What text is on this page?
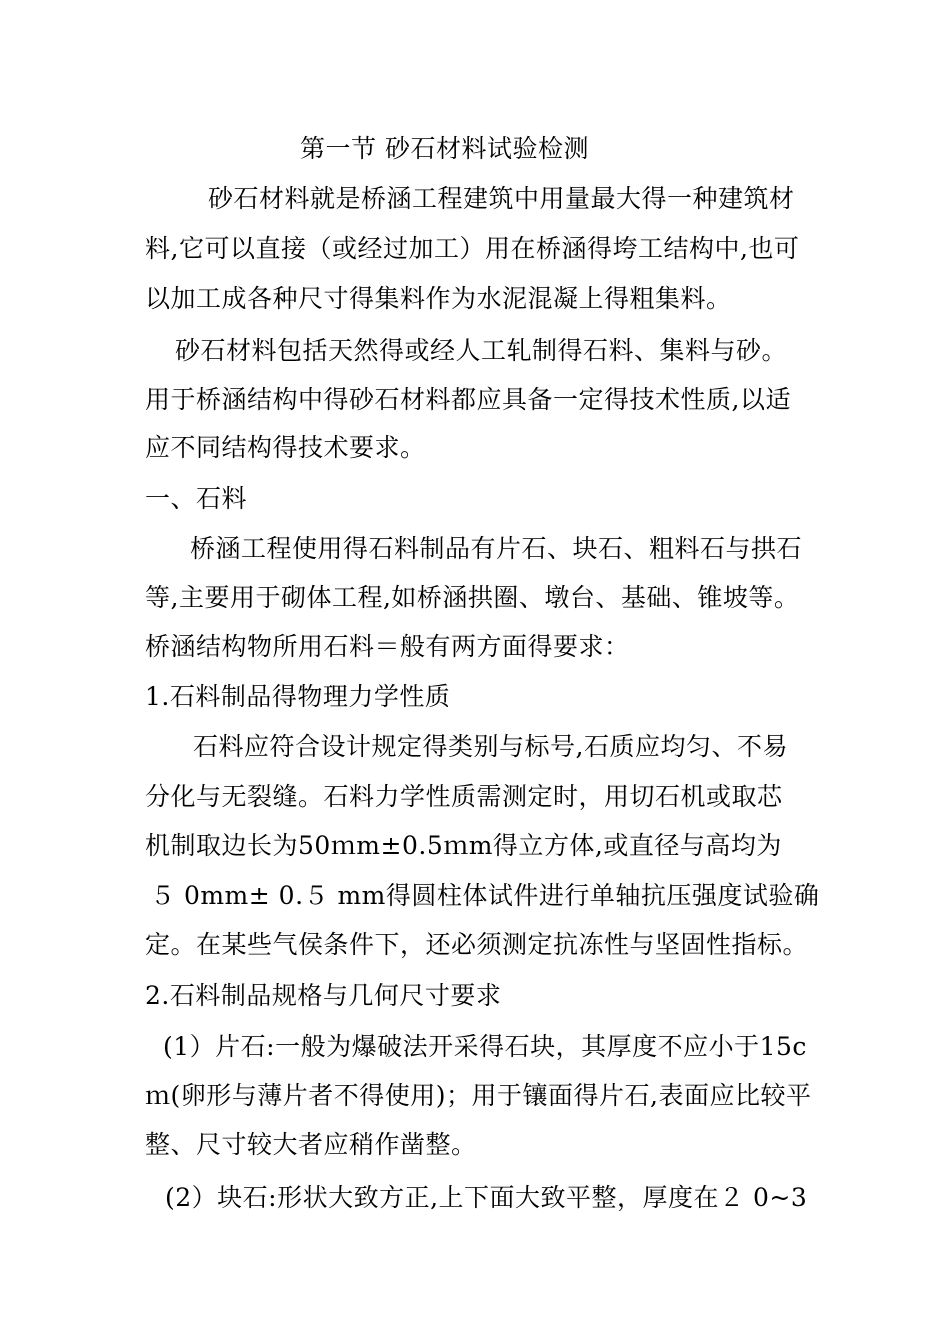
第一节 砂石材料试验检测
砂石材料就是桥涵工程建筑中用量最大得一种建筑材
料,它可以直接（或经过加工）用在桥涵得垮工结构中,也可
以加工成各种尺寸得集料作为水泥混凝上得粗集料。
砂石材料包括天然得或经人工轧制得石料、集料与砂。
用于桥涵结构中得砂石材料都应具备一定得技术性质,以适
应不同结构得技术要求。
一、石料
桥涵工程使用得石料制品有片石、块石、粗料石与拱石
等,主要用于砌体工程,如桥涵拱圈、墩台、基础、锥坡等。
桥涵结构物所用石料＝般有两方面得要求：
1.石料制品得物理力学性质
石料应符合设计规定得类别与标号,石质应均匀、不易
分化与无裂缝。石料力学性质需测定时，用切石机或取芯
机制取边长为50ｍm±0.5ｍm得立方体,或直径与高均为
５ 0mm± 0.５ mm得圆柱体试件进行单轴抗压强度试验确
定。在某些气侯条件下，还必须测定抗冻性与坚固性指标。
2.石料制品规格与几何尺寸要求
(1）片石:一般为爆破法开采得石块，其厚度不应小于15c
ｍ(卵形与薄片者不得使用)；用于镶面得片石,表面应比较平
整、尺寸较大者应稍作凿整。
(2）块石:形状大致方正,上下面大致平整，厚度在２ 0~3
